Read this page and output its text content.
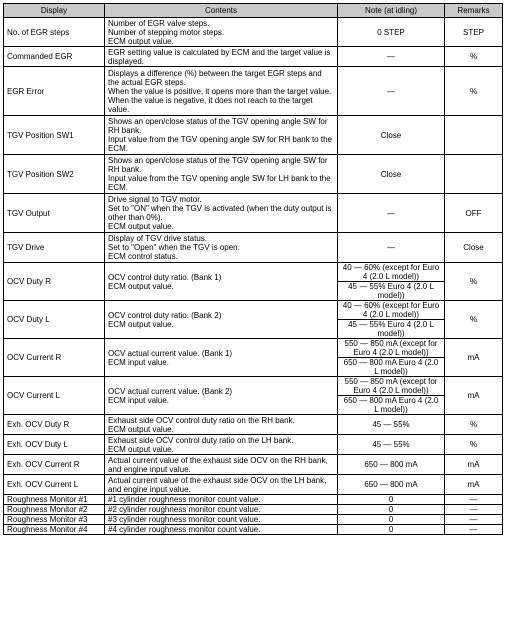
Display	Contents	Note (at idling)	Remarks
No. of EGR steps	Number of EGR valve steps.
Number of stepping motor steps.
ECM output value.	0 STEP	STEP
Commanded EGR	EGR setting value is calculated by ECM and the target value is displayed.	—	%
EGR Error	Displays a difference (%) between the target EGR steps and the actual EGR steps.
When the value is positive, it opens more than the target value.
When the value is negative, it does not reach to the target value.	—	%
TGV Position SW1	Shows an open/close status of the TGV opening angle SW for RH bank.
Input value from the TGV opening angle SW for RH bank to the ECM.	Close	

TGV Position SW2	Shows an open/close status of the TGV opening angle SW for RH bank.
Input value from the TGV opening angle SW for LH bank to the ECM.	Close	

TGV Output	Drive signal to TGV motor.
Set to "ON" when the TGV is activated (when the duty output is other than 0%).
ECM output value.	—	OFF
TGV Drive	Display of TGV drive status.
Set to "Open" when the TGV is open.
ECM control status.	—	Close
OCV Duty R	OCV control duty ratio. (Bank 1)
ECM output value.	40 — 60% (except for Euro 4 (2.0 L model))
45 — 55% Euro 4 (2.0 L model))	%
OCV Duty L	OCV control duty ratio. (Bank 2)
ECM output value.	40 — 60% (except for Euro 4 (2.0 L model))
45 — 55% Euro 4 (2.0 L model))	%
OCV Current R	OCV actual current value. (Bank 1)
ECM input value.	550 — 850 mA (except for Euro 4 (2.0 L model))
650 — 800 mA Euro 4 (2.0 L model))	mA
OCV Current L	OCV actual current value. (Bank 2)
ECM input value.	550 — 850 mA (except for Euro 4 (2.0 L model))
650 — 800 mA Euro 4 (2.0 L model))	mA
Exh. OCV Duty R	Exhaust side OCV control duty ratio on the RH bank.
ECM output value.	45 — 55%	%
Exh. OCV Duty L	Exhaust side OCV control duty ratio on the LH bank.
ECM output value.	45 — 55%	%
Exh. OCV Current R	Actual current value of the exhaust side OCV on the RH bank, and engine input value.	650 — 800 mA	mA
Exh. OCV Current L	Actual current value of the exhaust side OCV on the LH bank, and engine input value.	650 — 800 mA	mA
Roughness Monitor #1	#1 cylinder roughness monitor count value.	0	—
Roughness Monitor #2	#2 cylinder roughness monitor count value.	0	—
Roughness Monitor #3	#3 cylinder roughness monitor count value.	0	—
Roughness Monitor #4	#4 cylinder roughness monitor count value.	0	—
